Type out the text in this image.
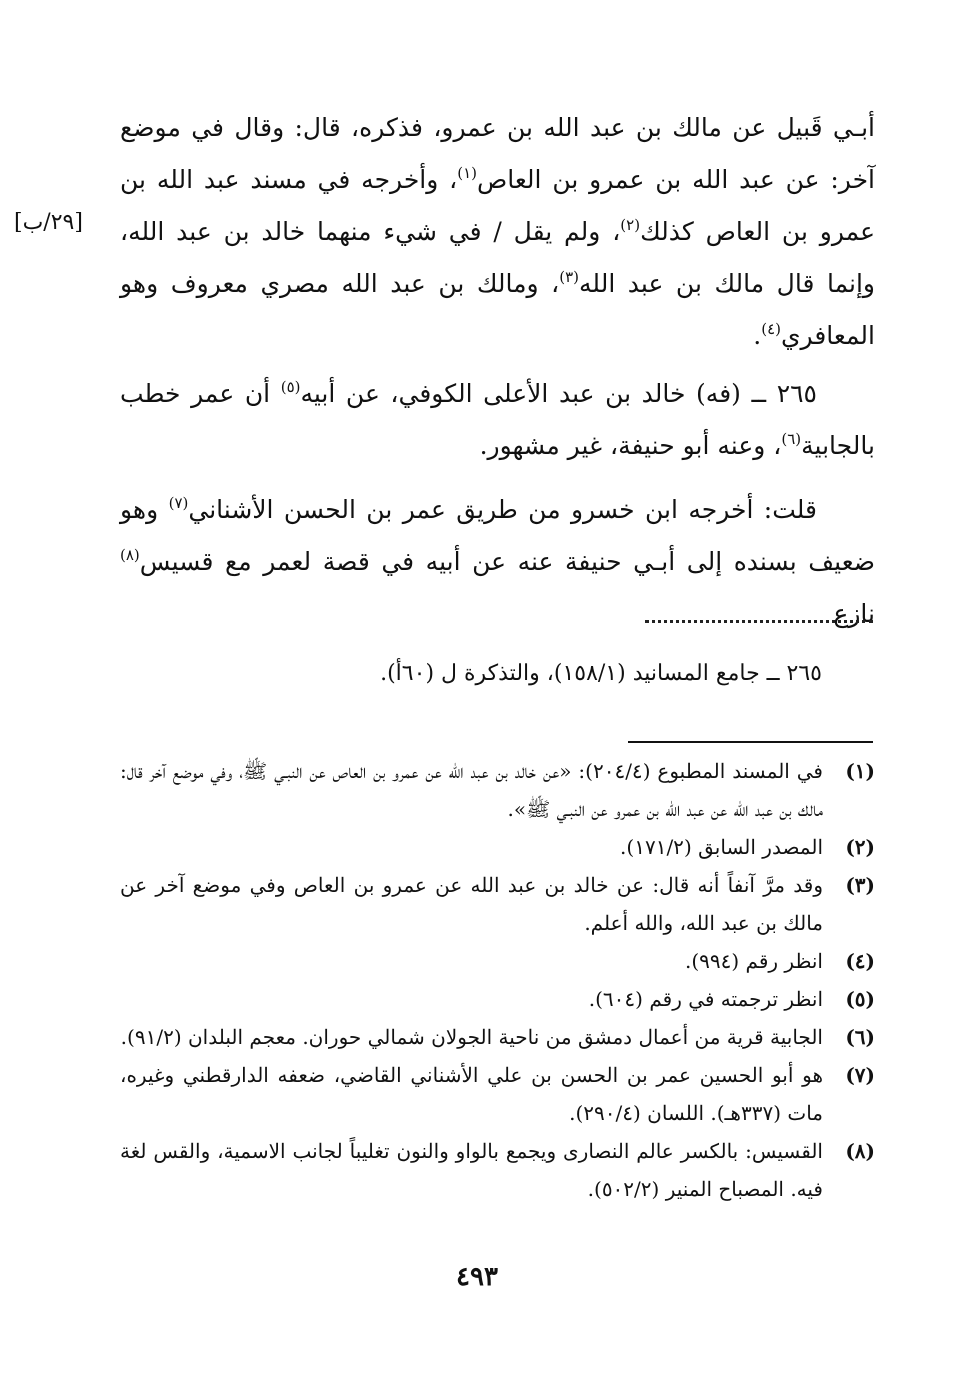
أبـي قَبيل عن مالك بن عبد الله بن عمرو، فذكره، قال: وقال في موضع آخر: عن عبد الله بن عمرو بن العاص$^{(١)}$، وأخرجه في مسند عبد الله بن عمرو بن العاص كذلك$^{(٢)}$، ولم يقل / في شيء منهما خالد بن عبد الله، وإنما قال مالك بن عبد الله$^{(٣)}$، ومالك بن عبد الله مصري معروف وهو المعافري$^{(٤)}$.

[٢٩/ب]

٢٦٥ ــ (فه) خالد بن عبد الأعلى الكوفي، عن أبيه$^{(٥)}$ أن عمر خطب بالجابية$^{(٦)}$، وعنه أبو حنيفة، غير مشهور.

قلت: أخرجه ابن خسرو من طريق عمر بن الحسن الأشناني$^{(٧)}$ وهو ضعيف بسنده إلى أبـي حنيفة عنه عن أبيه في قصة لعمر مع قسيس$^{(٨)}$ نازع

٢٦٥ ــ جامع المسانيد (١٥٨/١)، والتذكرة ل (٦٠أ).
(١)
في المسند المطبوع (٢٠٤/٤): «عن خالد بن عبد الله عن عمرو بن العاص عن النبـي ﷺ، وفي موضع آخر قال: مالك بن عبد الله عن عبد الله بن عمرو عن النبـي ﷺ».
(٢)
المصدر السابق (١٧١/٢).
(٣)
وقد مرَّ آنفاً أنه قال: عن خالد بن عبد الله عن عمرو بن العاص وفي موضع آخر عن مالك بن عبد الله، والله أعلم.
(٤)
انظر رقم (٩٩٤).
(٥)
انظر ترجمته في رقم (٦٠٤).
(٦)
الجابية قرية من أعمال دمشق من ناحية الجولان شمالي حوران. معجم البلدان (٩١/٢).
(٧)
هو أبو الحسين عمر بن الحسن بن علي الأشناني القاضي، ضعفه الدارقطني وغيره، مات (٣٣٧هـ). اللسان (٢٩٠/٤).
(٨)
القسيس: بالكسر عالم النصارى ويجمع بالواو والنون تغليباً لجانب الاسمية، والقس لغة فيه. المصباح المنير (٥٠٢/٢).
٤٩٣
